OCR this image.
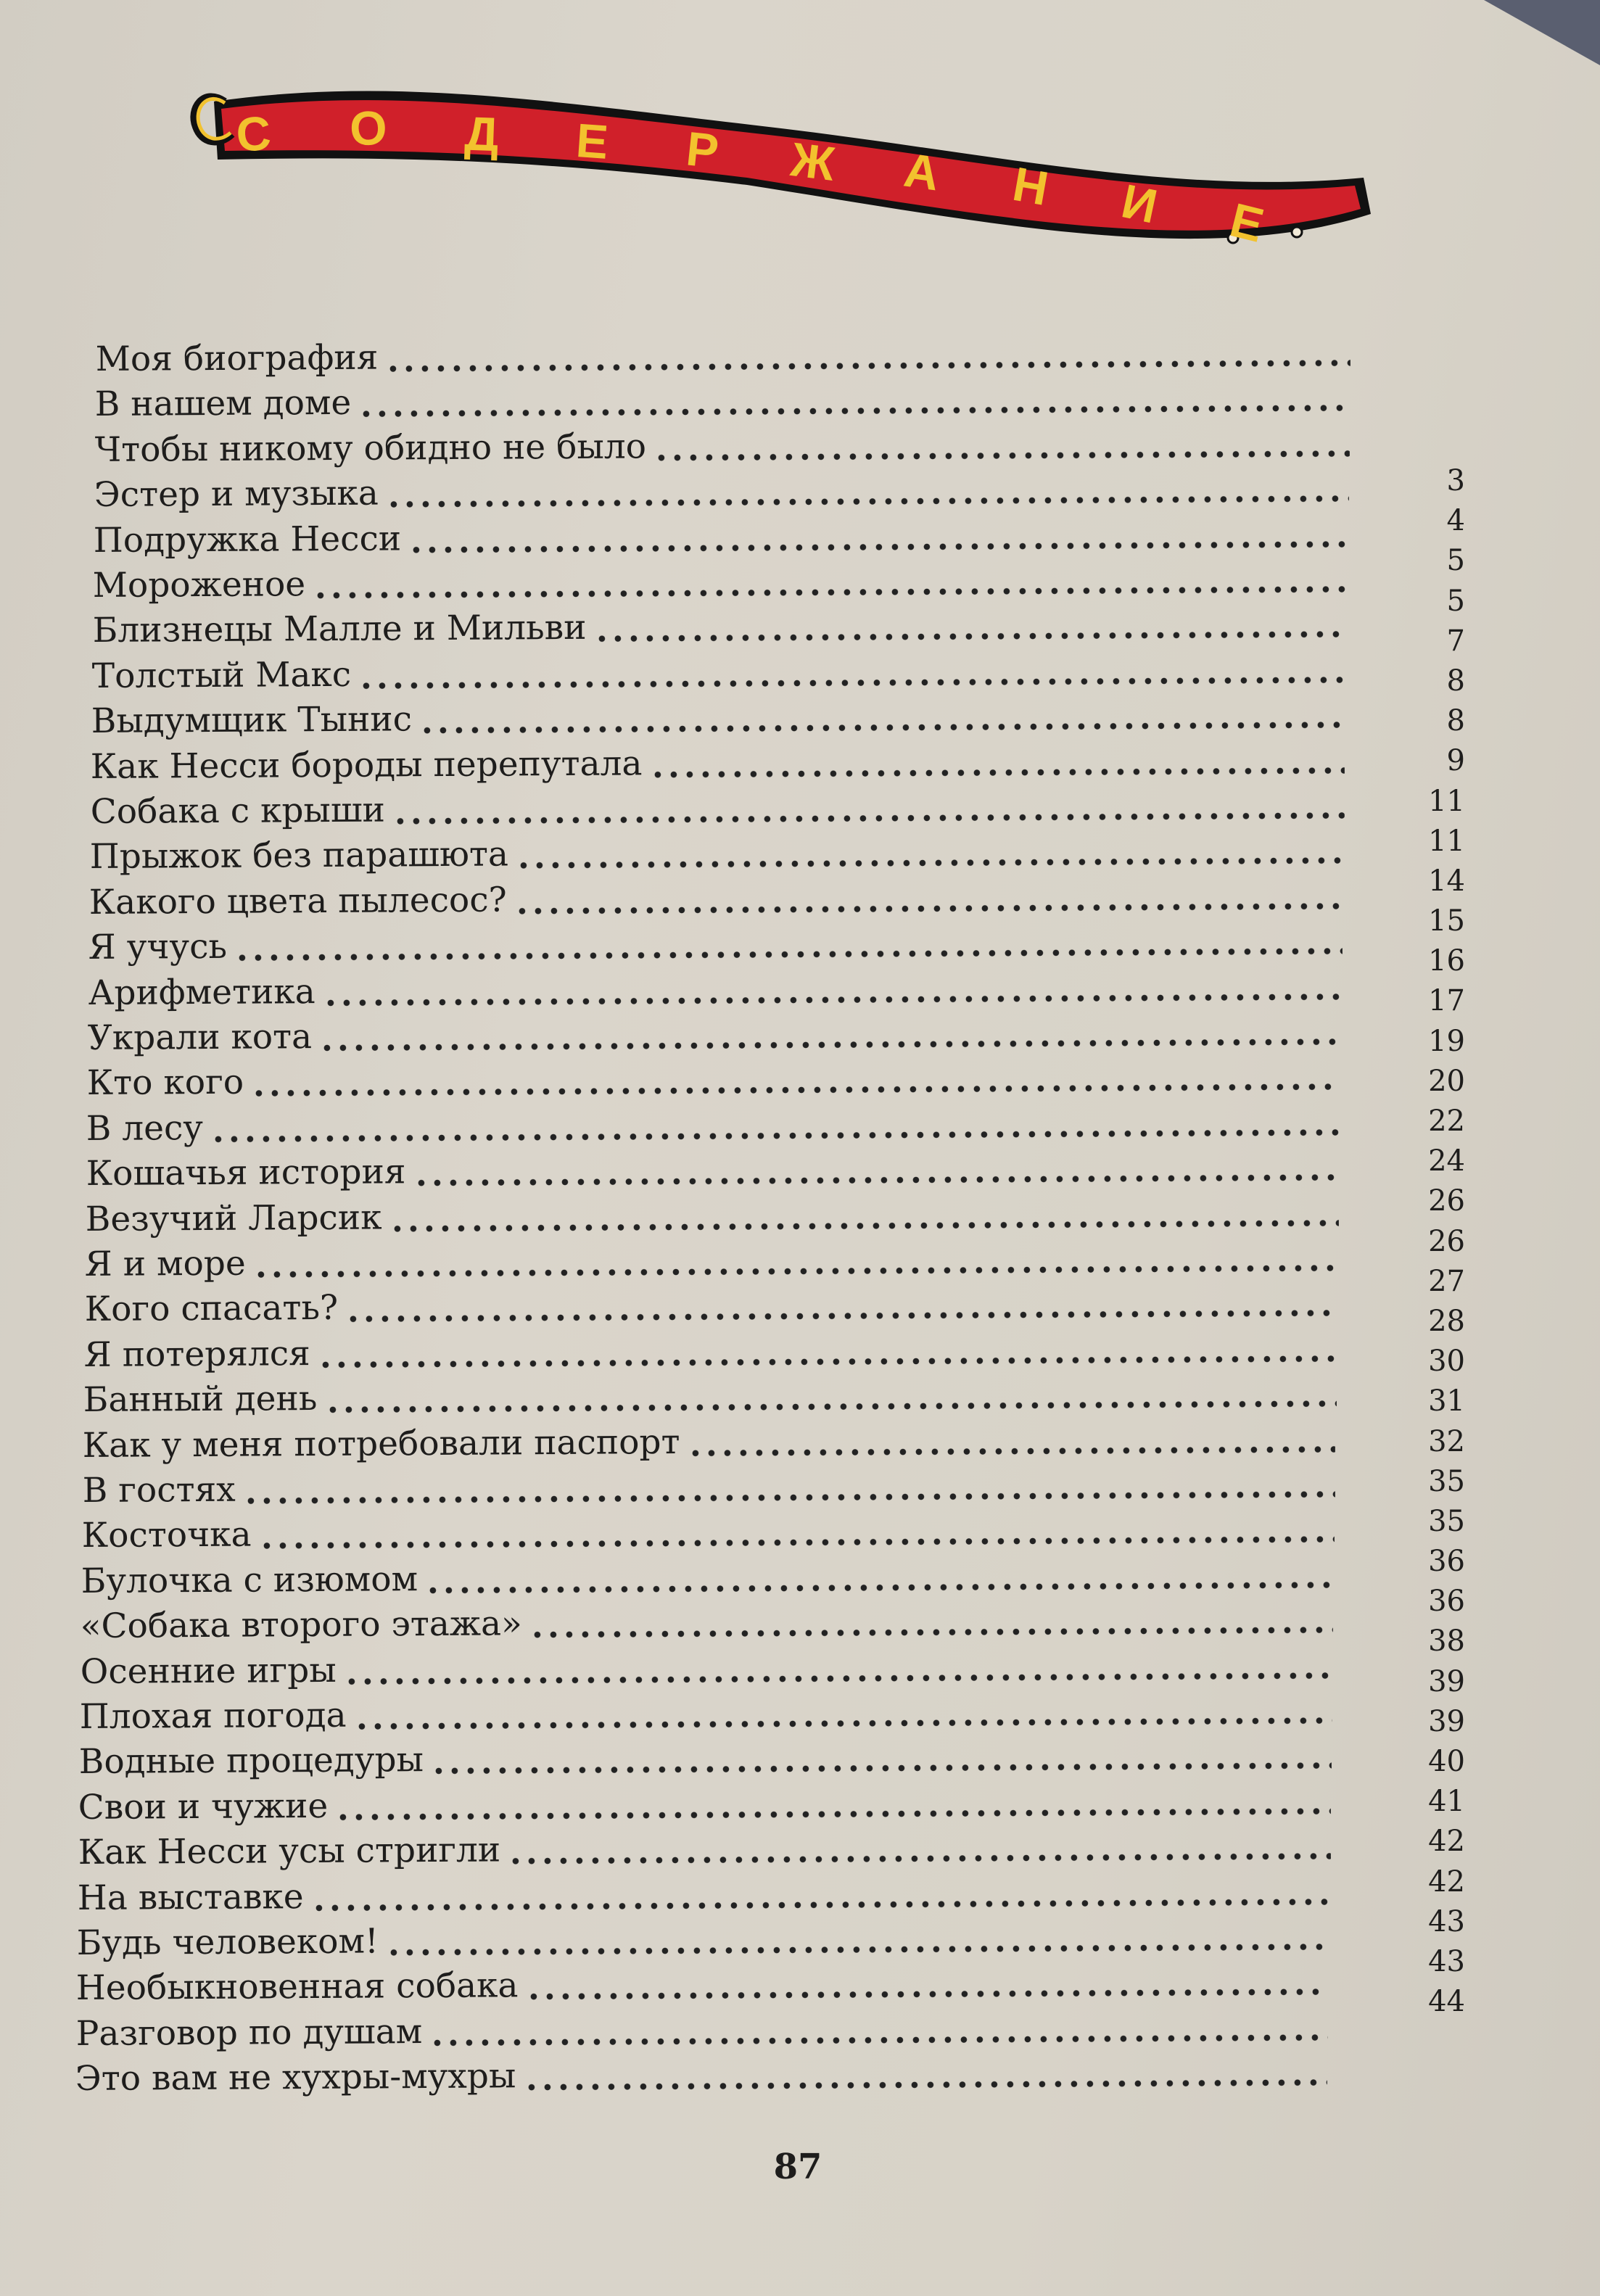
С О Д Е Р Ж А Н И Е
Моя биография
В нашем доме
Чтобы никому обидно не было
Эстер и музыка
Подружка Несси
Мороженое
Близнецы Малле и Мильви
Толстый Макс
Выдумщик Тынис
Как Несси бороды перепутала
Собака с крыши
Прыжок без парашюта
Какого цвета пылесос?
Я учусь
Арифметика
Украли кота
Кто кого
В лесу
Кошачья история
Везучий Ларсик
Я и море
Кого спасать?
Я потерялся
Банный день
Как у меня потребовали паспорт
В гостях
Косточка
Булочка с изюмом
«Собака второго этажа»
Осенние игры
Плохая погода
Водные процедуры
Свои и чужие
Как Несси усы стригли
На выставке
Будь человеком!
Необыкновенная собака
Разговор по душам
Это вам не хухры-мухры
3
4
5
5
7
8
8
9
11
11
14
15
16
17
19
20
22
24
26
26
27
28
30
31
32
35
35
36
36
38
39
39
40
41
42
42
43
43
44
87
